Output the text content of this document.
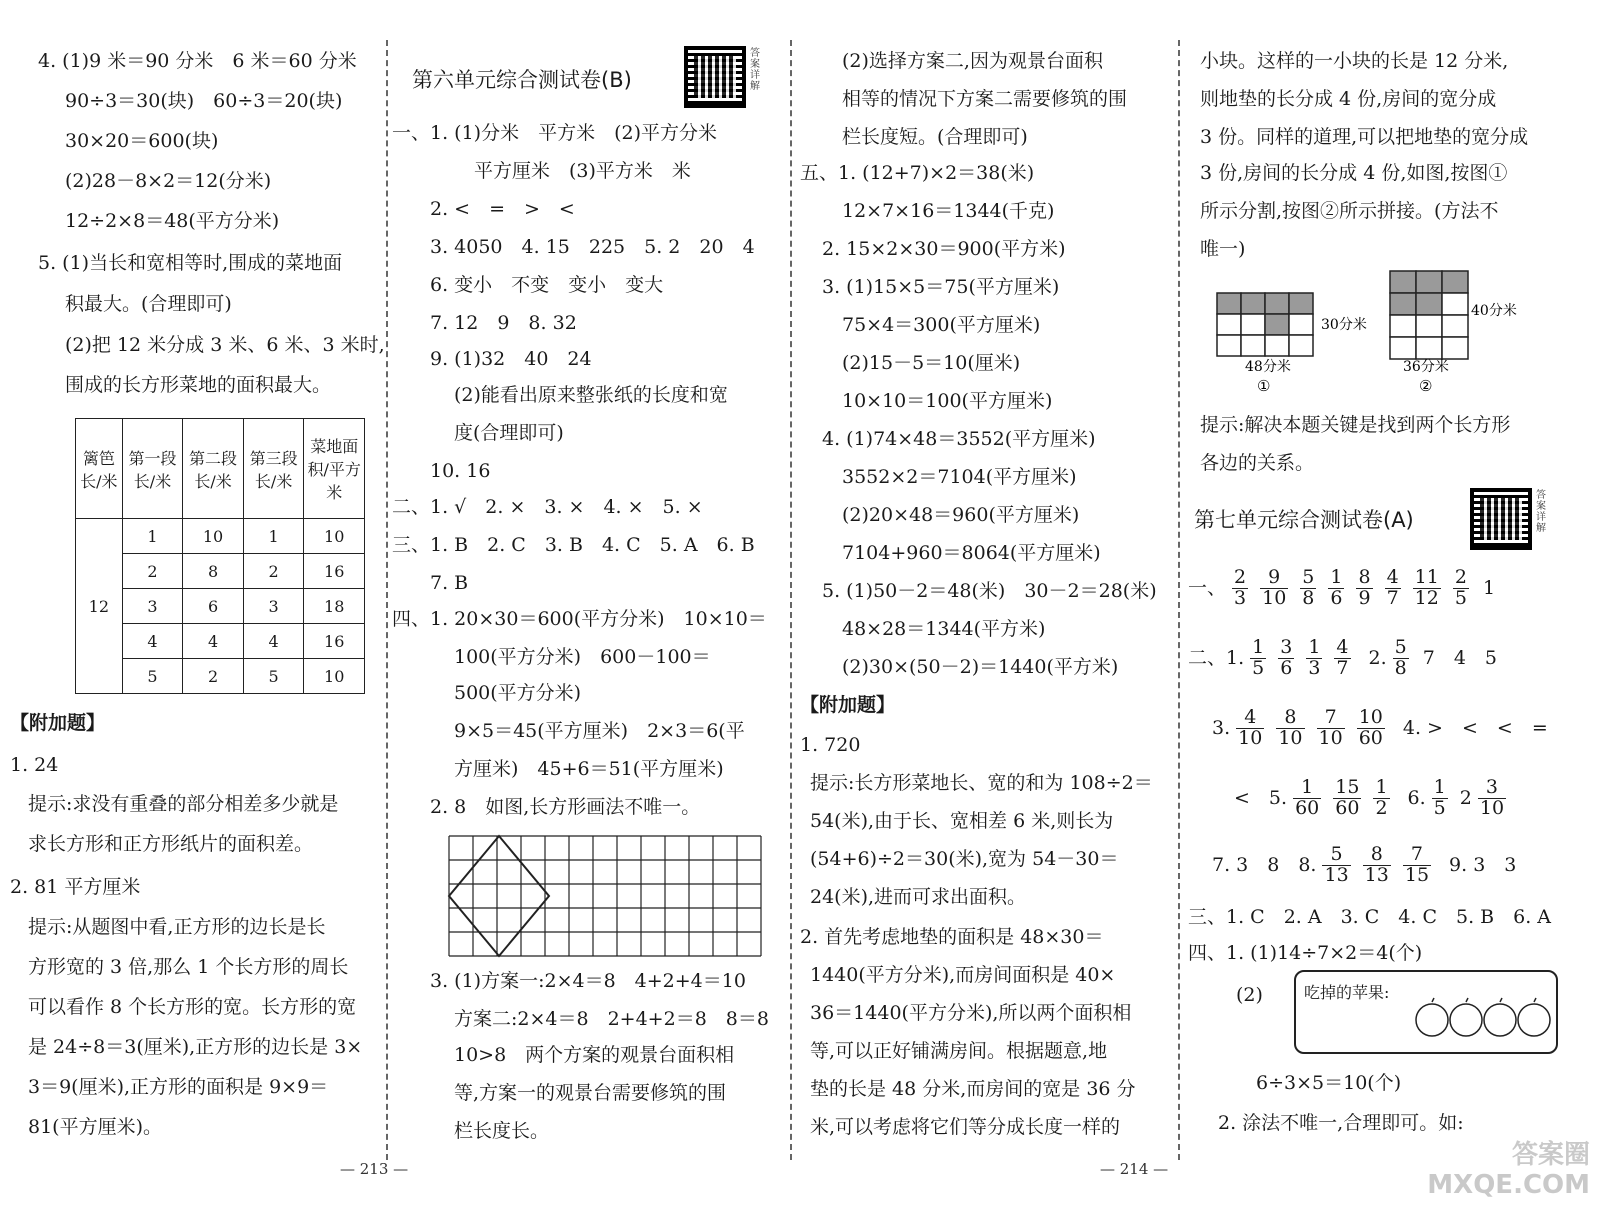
4. (1)9 米＝90 分米　6 米＝60 分米
90÷3＝30(块)　60÷3＝20(块)
30×20＝600(块)
(2)28－8×2＝12(分米)
12÷2×8＝48(平方分米)
5. (1)当长和宽相等时,围成的菜地面
积最大。(合理即可)
(2)把 12 米分成 3 米、6 米、3 米时,
围成的长方形菜地的面积最大。
篱笆长/米	第一段长/米	第二段长/米	第三段长/米	菜地面积/平方米
12	1	10	1	10
	2	8	2	16
	3	6	3	18
	4	4	4	16
	5	2	5	10
【附加题】
1. 24
提示:求没有重叠的部分相差多少就是
求长方形和正方形纸片的面积差。
2. 81 平方厘米
提示:从题图中看,正方形的边长是长
方形宽的 3 倍,那么 1 个长方形的周长
可以看作 8 个长方形的宽。长方形的宽
是 24÷8＝3(厘米),正方形的边长是 3×
3＝9(厘米),正方形的面积是 9×9＝
81(平方厘米)。
第六单元综合测试卷(B)
答案详解
一、1. (1)分米　平方米　(2)平方分米
平方厘米　(3)平方米　米
2. <　=　>　<
3. 4050　4. 15　225　5. 2　20　4
6. 变小　不变　变小　变大
7. 12　9　8. 32
9. (1)32　40　24
(2)能看出原来整张纸的长度和宽
度(合理即可)
10. 16
二、1. √　2. ×　3. ×　4. ×　5. ×
三、1. B　2. C　3. B　4. C　5. A　6. B
7. B
四、1. 20×30＝600(平方分米)　10×10＝
100(平方分米)　600－100＝
500(平方分米)
9×5＝45(平方厘米)　2×3＝6(平
方厘米)　45+6＝51(平方厘米)
2. 8　如图,长方形画法不唯一。
3. (1)方案一:2×4＝8　4+2+4＝10
方案二:2×4＝8　2+4+2＝8　8＝8
10>8　两个方案的观景台面积相
等,方案一的观景台需要修筑的围
栏长度长。
(2)选择方案二,因为观景台面积
相等的情况下方案二需要修筑的围
栏长度短。(合理即可)
五、1. (12+7)×2＝38(米)
12×7×16＝1344(千克)
2. 15×2×30＝900(平方米)
3. (1)15×5＝75(平方厘米)
75×4＝300(平方厘米)
(2)15－5＝10(厘米)
10×10＝100(平方厘米)
4. (1)74×48＝3552(平方厘米)
3552×2＝7104(平方厘米)
(2)20×48＝960(平方厘米)
7104+960＝8064(平方厘米)
5. (1)50－2＝48(米)　30－2＝28(米)
48×28＝1344(平方米)
(2)30×(50－2)＝1440(平方米)
【附加题】
1. 720
提示:长方形菜地长、宽的和为 108÷2＝
54(米),由于长、宽相差 6 米,则长为
(54+6)÷2＝30(米),宽为 54－30＝
24(米),进而可求出面积。
2. 首先考虑地垫的面积是 48×30＝
1440(平方分米),而房间面积是 40×
36＝1440(平方分米),所以两个面积相
等,可以正好铺满房间。根据题意,地
垫的长是 48 分米,而房间的宽是 36 分
米,可以考虑将它们等分成长度一样的
小块。这样的一小块的长是 12 分米,
则地垫的长分成 4 份,房间的宽分成
3 份。同样的道理,可以把地垫的宽分成
3 份,房间的长分成 4 份,如图,按图①
所示分割,按图②所示拼接。(方法不
唯一)
30分米
48分米
①
40分米
36分米
②
提示:解决本题关键是找到两个长方形
各边的关系。
第七单元综合测试卷(A)
答案详解
一、 $\frac{2}{3} \frac{9}{10} \frac{5}{8} \frac{1}{6} \frac{8}{9} \frac{4}{7} \frac{11}{12} \frac{2}{5} 1$
二、1. $\frac{1}{5} \frac{3}{6} \frac{1}{3} \frac{4}{7} 2$. $\frac{5}{8} 7$　4　5
3. $\frac{4}{10} \frac{8}{10} \frac{7}{10} \frac{10}{60} 4$. >　<　<　=
<　5. $\frac{1}{60} \frac{15}{60} \frac{1}{2} 6$. $\frac{1}{5} 2 \frac{3}{10}$
7. 3　8　8. $\frac{5}{13} \frac{8}{13} \frac{7}{15} 9$. 3　3
三、1. C　2. A　3. C　4. C　5. B　6. A
四、1. (1)14÷7×2＝4(个)
(2)	吃掉的苹果:
6÷3×5＝10(个)
2. 涂法不唯一,合理即可。如:
— 213 —	— 214 —	答案圈 MXQE.COM
